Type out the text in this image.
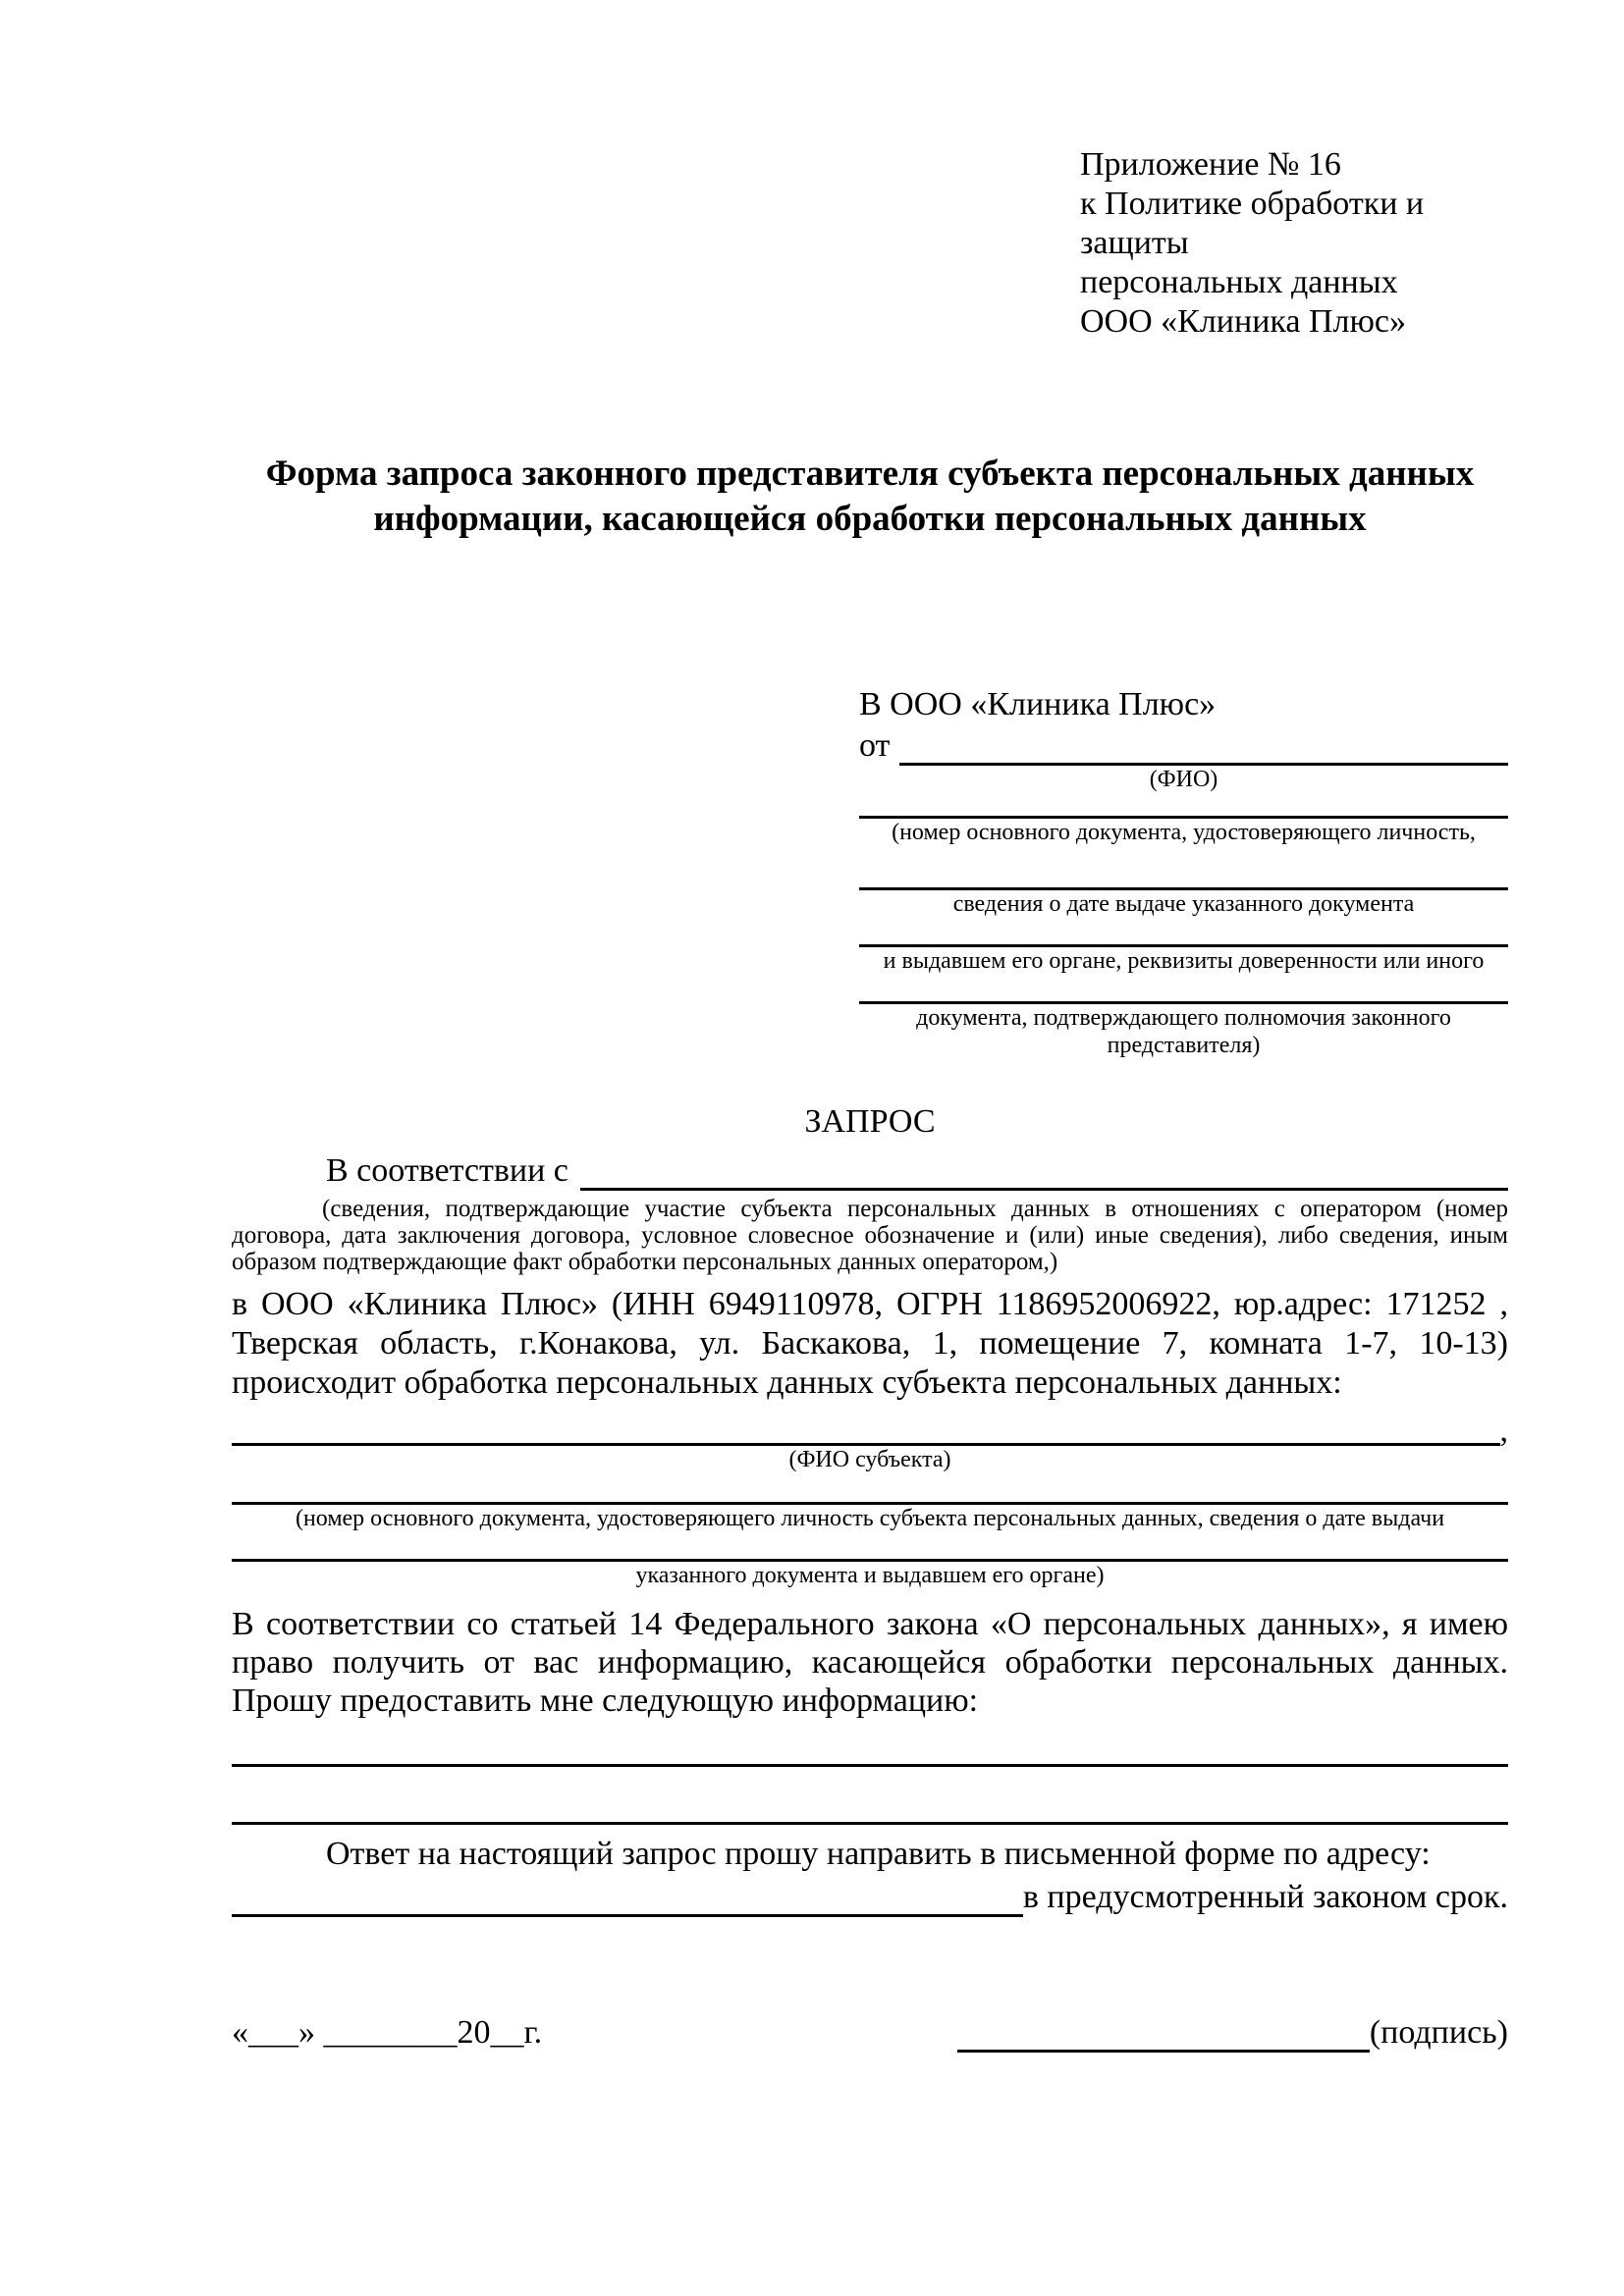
Приложение № 16
к Политике обработки и защиты
персональных данных
ООО «Клиника Плюс»
Форма запроса законного представителя субъекта персональных данных информации, касающейся обработки персональных данных
В ООО «Клиника Плюс»
от
(ФИО)
(номер основного документа, удостоверяющего личность,
сведения о дате выдаче указанного документа
и выдавшем его органе, реквизиты доверенности или иного
документа, подтверждающего полномочия законного представителя)
ЗАПРОС
В соответствии с
(сведения, подтверждающие участие субъекта персональных данных в отношениях с оператором (номер договора, дата заключения договора, условное словесное обозначение и (или) иные сведения), либо сведения, иным образом подтверждающие факт обработки персональных данных оператором,)
в ООО «Клиника Плюс» (ИНН 6949110978, ОГРН 1186952006922, юр.адрес: 171252 , Тверская область, г.Конакова, ул. Баскакова, 1, помещение 7, комната 1-7, 10-13) происходит обработка персональных данных субъекта персональных данных:
,
(ФИО субъекта)
(номер основного документа, удостоверяющего личность субъекта персональных данных, сведения о дате выдачи
указанного документа и выдавшем его органе)
В соответствии со статьей 14 Федерального закона «О персональных данных», я имею право получить от вас информацию, касающейся обработки персональных данных. Прошу предоставить мне следующую информацию:
Ответ на настоящий запрос прошу направить в письменной форме по адресу:
в предусмотренный законом срок.
«___» ________20__г.	(подпись)
